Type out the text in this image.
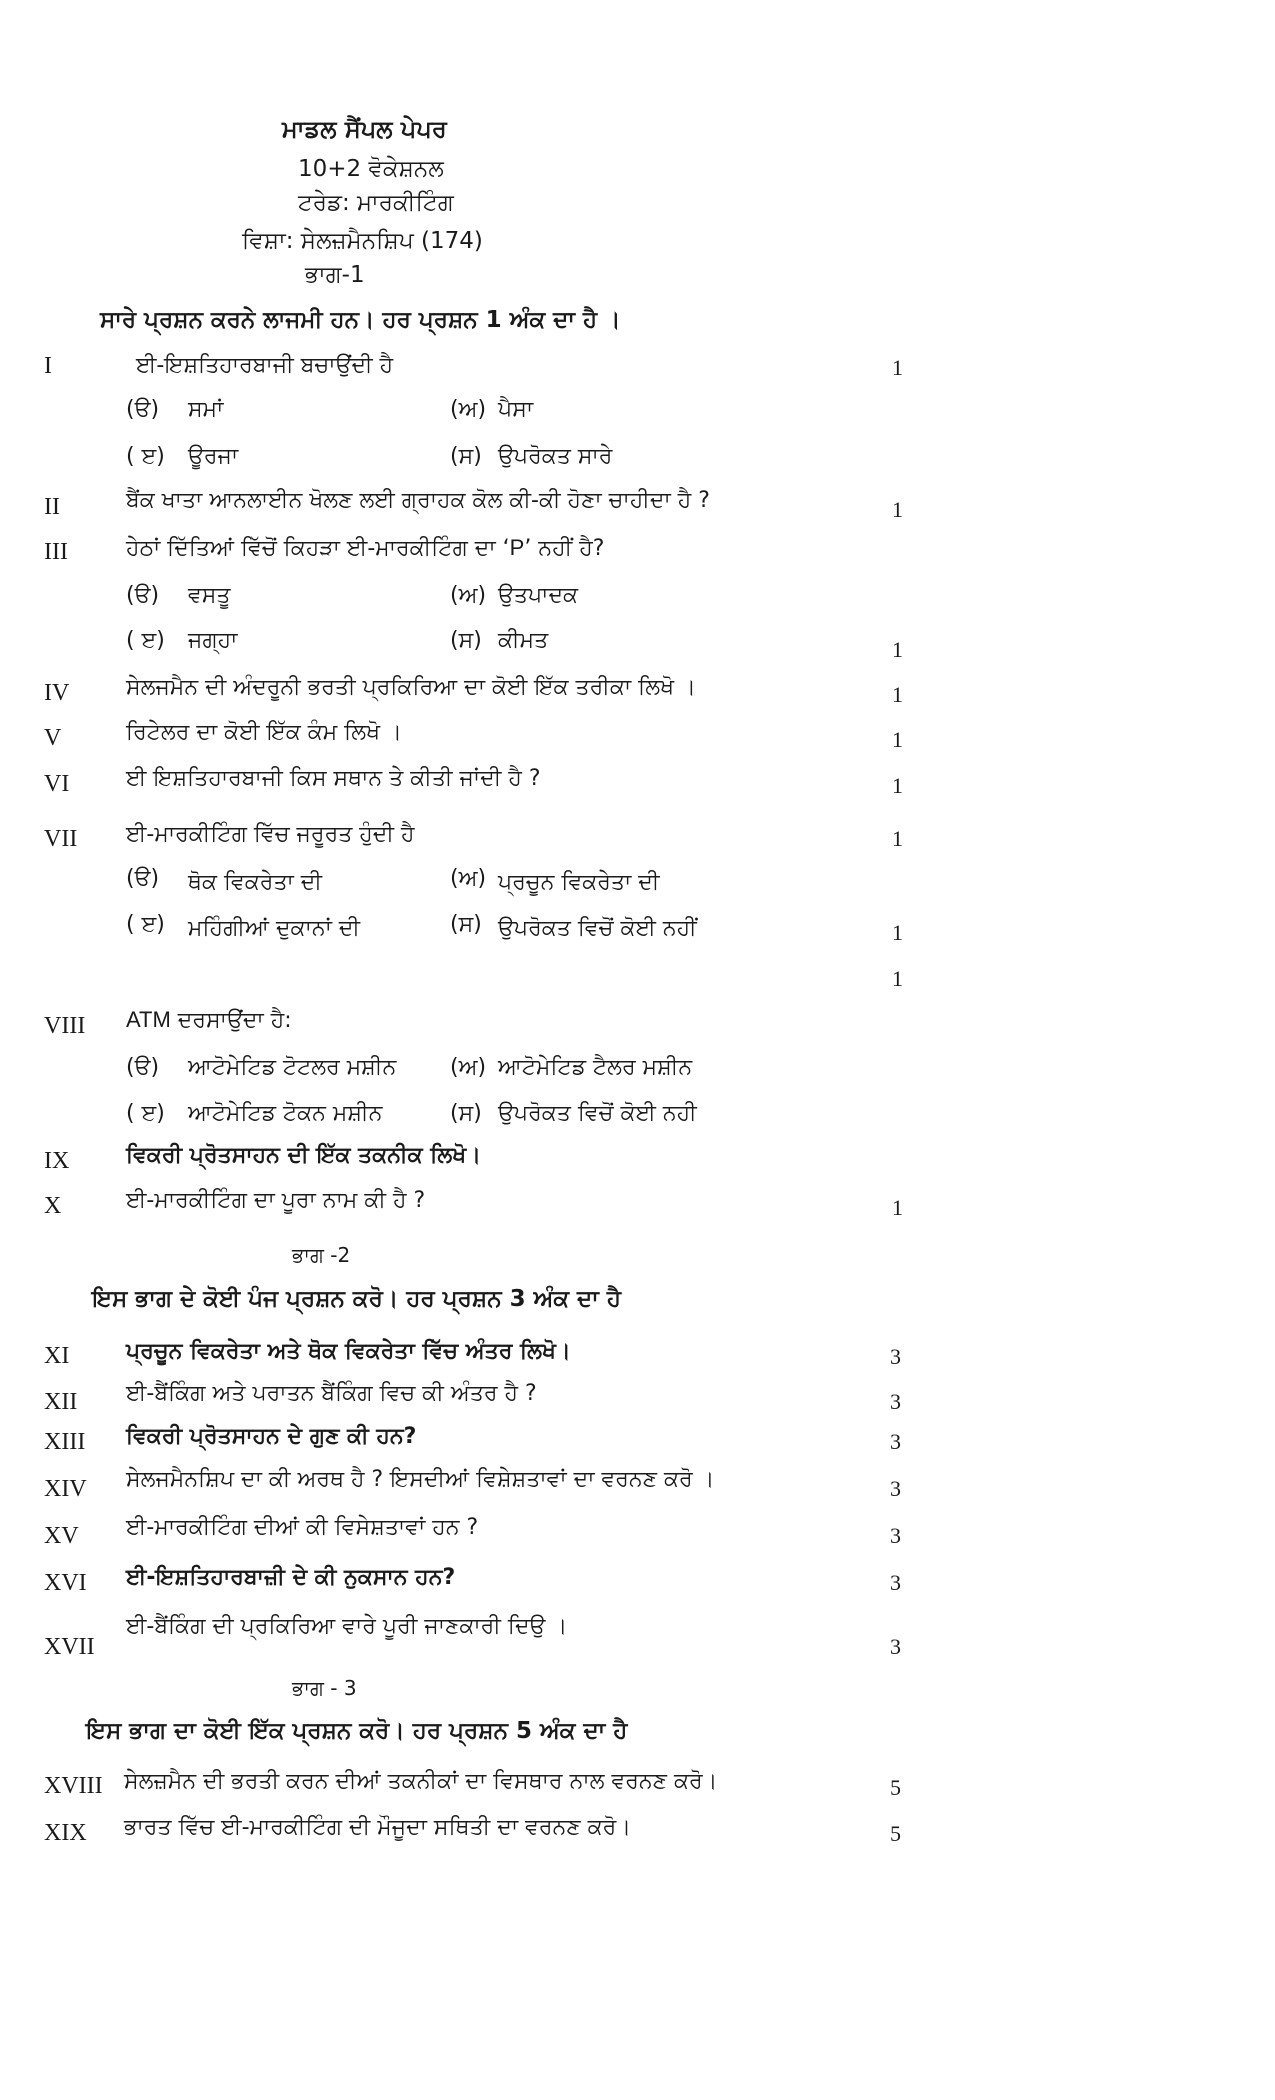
ਮਾਡਲ ਸੈਂਪਲ ਪੇਪਰ
10+2 ਵੋਕੇਸ਼ਨਲ
ਟਰੇਡ: ਮਾਰਕੀਟਿੰਗ
ਵਿਸ਼ਾ: ਸੇਲਜ਼ਮੈਨਸ਼ਿਪ (174)
ਭਾਗ-1
ਸਾਰੇ ਪ੍ਰਸ਼ਨ ਕਰਨੇ ਲਾਜਮੀ ਹਨ। ਹਰ ਪ੍ਰਸ਼ਨ 1 ਅੰਕ ਦਾ ਹੈ ।
I	ਈ-ਇਸ਼ਤਿਹਾਰਬਾਜੀ ਬਚਾਉਂਦੀ ਹੈ	1
(ੳ) ਸਮਾਂ	(ਅ) ਪੈਸਾ
( ੲ) ਊਰਜਾ	(ਸ) ਉਪਰੋਕਤ ਸਾਰੇ
II	ਬੈਂਕ ਖਾਤਾ ਆਨਲਾਈਨ ਖੋਲਣ ਲਈ ਗ੍ਰਾਹਕ ਕੋਲ ਕੀ-ਕੀ ਹੋਣਾ ਚਾਹੀਦਾ ਹੈ ?	1
III	ਹੇਠਾਂ ਦਿੱਤਿਆਂ ਵਿੱਚੋਂ ਕਿਹੜਾ ਈ-ਮਾਰਕੀਟਿੰਗ ਦਾ ‘P’ ਨਹੀਂ ਹੈ?
(ੳ) ਵਸਤੂ	(ਅ) ਉਤਪਾਦਕ
( ੲ) ਜਗ੍ਹਾ	(ਸ) ਕੀਮਤ	1
IV	ਸੇਲਜਮੈਨ ਦੀ ਅੰਦਰੂਨੀ ਭਰਤੀ ਪ੍ਰਕਿਰਿਆ ਦਾ ਕੋਈ ਇੱਕ ਤਰੀਕਾ ਲਿਖੋ ।	1
V	ਰਿਟੇਲਰ ਦਾ ਕੋਈ ਇੱਕ ਕੰਮ ਲਿਖੋ ।	1
VI	ਈ ਇਸ਼ਤਿਹਾਰਬਾਜੀ ਕਿਸ ਸਥਾਨ ਤੇ ਕੀਤੀ ਜਾਂਦੀ ਹੈ ?	1
VII ਈ-ਮਾਰਕੀਟਿੰਗ ਵਿੱਚ ਜਰੂਰਤ ਹੁੰਦੀ ਹੈ	1
(ੳ) ਥੋਕ ਵਿਕਰੇਤਾ ਦੀ	(ਅ) ਪ੍ਰਚੂਨ ਵਿਕਰੇਤਾ ਦੀ
( ੲ) ਮਹਿੰਗੀਆਂ ਦੁਕਾਨਾਂ ਦੀ	(ਸ) ਉਪਰੋਕਤ ਵਿਚੋਂ ਕੋਈ ਨਹੀਂ	1
1
VIII ATM ਦਰਸਾਉਂਦਾ ਹੈ:
(ੳ) ਆਟੋਮੇਟਿਡ ਟੋਟਲਰ ਮਸ਼ੀਨ (ਅ) ਆਟੋਮੇਟਿਡ ਟੈਲਰ ਮਸ਼ੀਨ
( ੲ) ਆਟੋਮੇਟਿਡ ਟੋਕਨ ਮਸ਼ੀਨ	(ਸ) ਉਪਰੋਕਤ ਵਿਚੋਂ ਕੋਈ ਨਹੀ
IX	ਵਿਕਰੀ ਪ੍ਰੋਤਸਾਹਨ ਦੀ ਇੱਕ ਤਕਨੀਕ ਲਿਖੋ।
X	ਈ-ਮਾਰਕੀਟਿੰਗ ਦਾ ਪੂਰਾ ਨਾਮ ਕੀ ਹੈ ?	1
ਭਾਗ -2
ਇਸ ਭਾਗ ਦੇ ਕੋਈ ਪੰਜ ਪ੍ਰਸ਼ਨ ਕਰੋ। ਹਰ ਪ੍ਰਸ਼ਨ 3 ਅੰਕ ਦਾ ਹੈ
XI	ਪ੍ਰਚੂਨ ਵਿਕਰੇਤਾ ਅਤੇ ਥੋਕ ਵਿਕਰੇਤਾ ਵਿੱਚ ਅੰਤਰ ਲਿਖੋ।	3
XII ਈ-ਬੈਂਕਿੰਗ ਅਤੇ ਪਰਾਤਨ ਬੈਂਕਿੰਗ ਵਿਚ ਕੀ ਅੰਤਰ ਹੈ ?	3
XIII ਵਿਕਰੀ ਪ੍ਰੋਤਸਾਹਨ ਦੇ ਗੁਣ ਕੀ ਹਨ?	3
XIV ਸੇਲਜਮੈਨਸ਼ਿਪ ਦਾ ਕੀ ਅਰਥ ਹੈ ? ਇਸਦੀਆਂ ਵਿਸ਼ੇਸ਼ਤਾਵਾਂ ਦਾ ਵਰਨਣ ਕਰੋ ।	3
XV ਈ-ਮਾਰਕੀਟਿੰਗ ਦੀਆਂ ਕੀ ਵਿਸੇਸ਼ਤਾਵਾਂ ਹਨ ?	3
XVI ਈ-ਇਸ਼ਤਿਹਾਰਬਾਜ਼ੀ ਦੇ ਕੀ ਨੁਕਸਾਨ ਹਨ?	3
XVII
ਈ-ਬੈਂਕਿੰਗ ਦੀ ਪ੍ਰਕਿਰਿਆ ਵਾਰੇ ਪੂਰੀ ਜਾਣਕਾਰੀ ਦਿਉ ।
3
ਭਾਗ - 3
ਇਸ ਭਾਗ ਦਾ ਕੋਈ ਇੱਕ ਪ੍ਰਸ਼ਨ ਕਰੋ। ਹਰ ਪ੍ਰਸ਼ਨ 5 ਅੰਕ ਦਾ ਹੈ
XVIII ਸੇਲਜ਼ਮੈਨ ਦੀ ਭਰਤੀ ਕਰਨ ਦੀਆਂ ਤਕਨੀਕਾਂ ਦਾ ਵਿਸਥਾਰ ਨਾਲ ਵਰਨਣ ਕਰੋ।	5
XIX ਭਾਰਤ ਵਿੱਚ ਈ-ਮਾਰਕੀਟਿੰਗ ਦੀ ਮੌਜੂਦਾ ਸਥਿਤੀ ਦਾ ਵਰਨਣ ਕਰੋ।	5
